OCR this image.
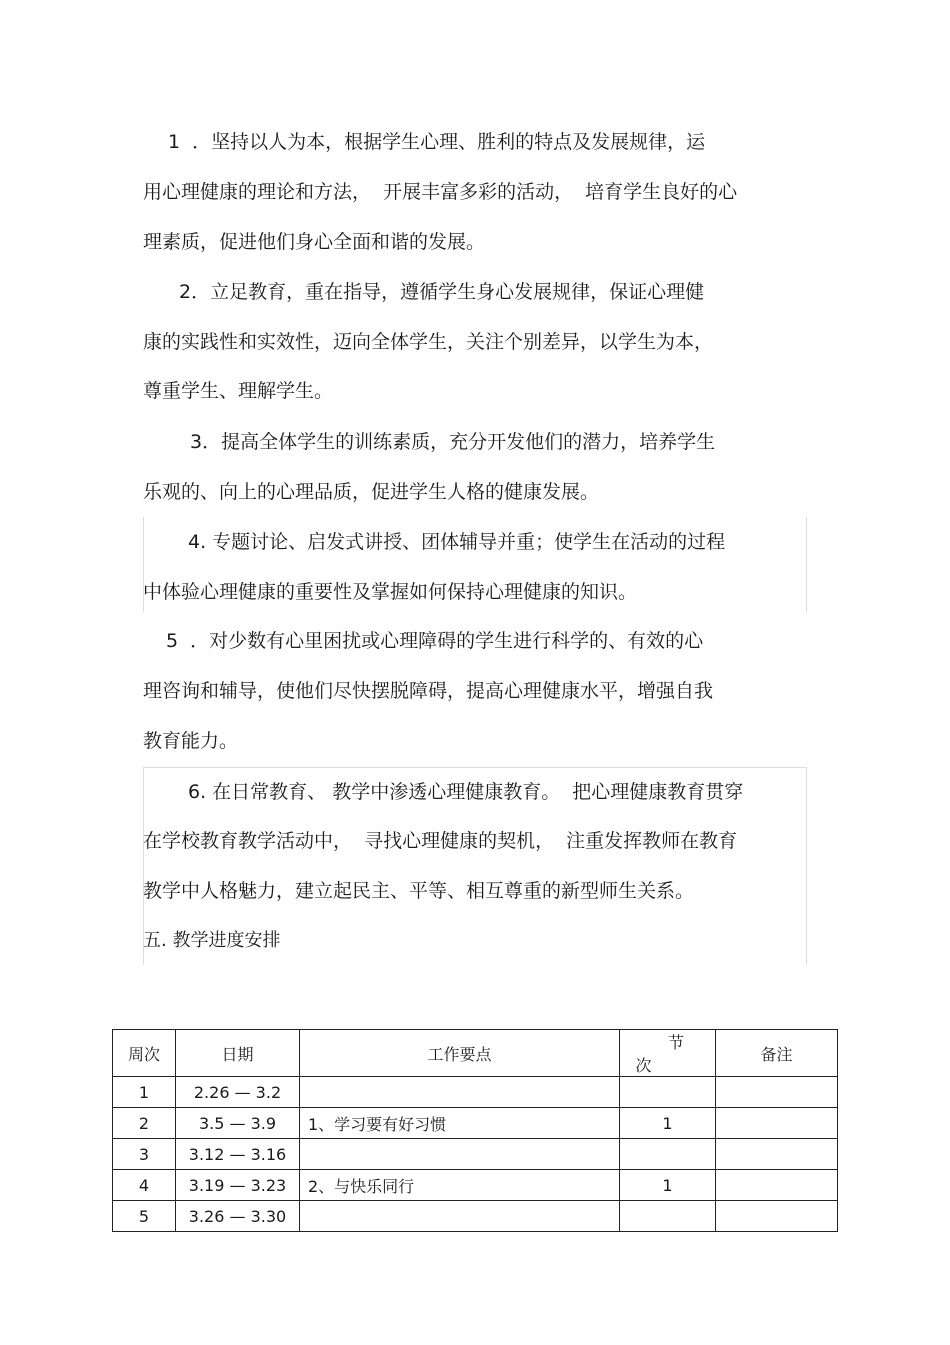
1  ．坚持以人为本，根据学生心理、胜利的特点及发展规律，运
用心理健康的理论和方法，  开展丰富多彩的活动，  培育学生良好的心
理素质，促进他们身心全面和谐的发展。
2．立足教育，重在指导，遵循学生身心发展规律，保证心理健
康的实践性和实效性，迈向全体学生，关注个别差异，以学生为本，
尊重学生、理解学生。
3．提高全体学生的训练素质，充分开发他们的潜力，培养学生
乐观的、向上的心理品质，促进学生人格的健康发展。
4. 专题讨论、启发式讲授、团体辅导并重；使学生在活动的过程
中体验心理健康的重要性及掌握如何保持心理健康的知识。
5  ．对少数有心里困扰或心理障碍的学生进行科学的、有效的心
理咨询和辅导，使他们尽快摆脱障碍，提高心理健康水平，增强自我
教育能力。
6. 在日常教育、 教学中渗透心理健康教育。  把心理健康教育贯穿
在学校教育教学活动中，  寻找心理健康的契机，  注重发挥教师在教育
教学中人格魅力，建立起民主、平等、相互尊重的新型师生关系。
五. 教学进度安排
周次	日期	工作要点	节次	备注
1	2.26 — 3.2			
2	3.5 — 3.9	1、学习要有好习惯	1	
3	3.12 — 3.16			
4	3.19 — 3.23	2、与快乐同行	1	
5	3.26 — 3.30			
